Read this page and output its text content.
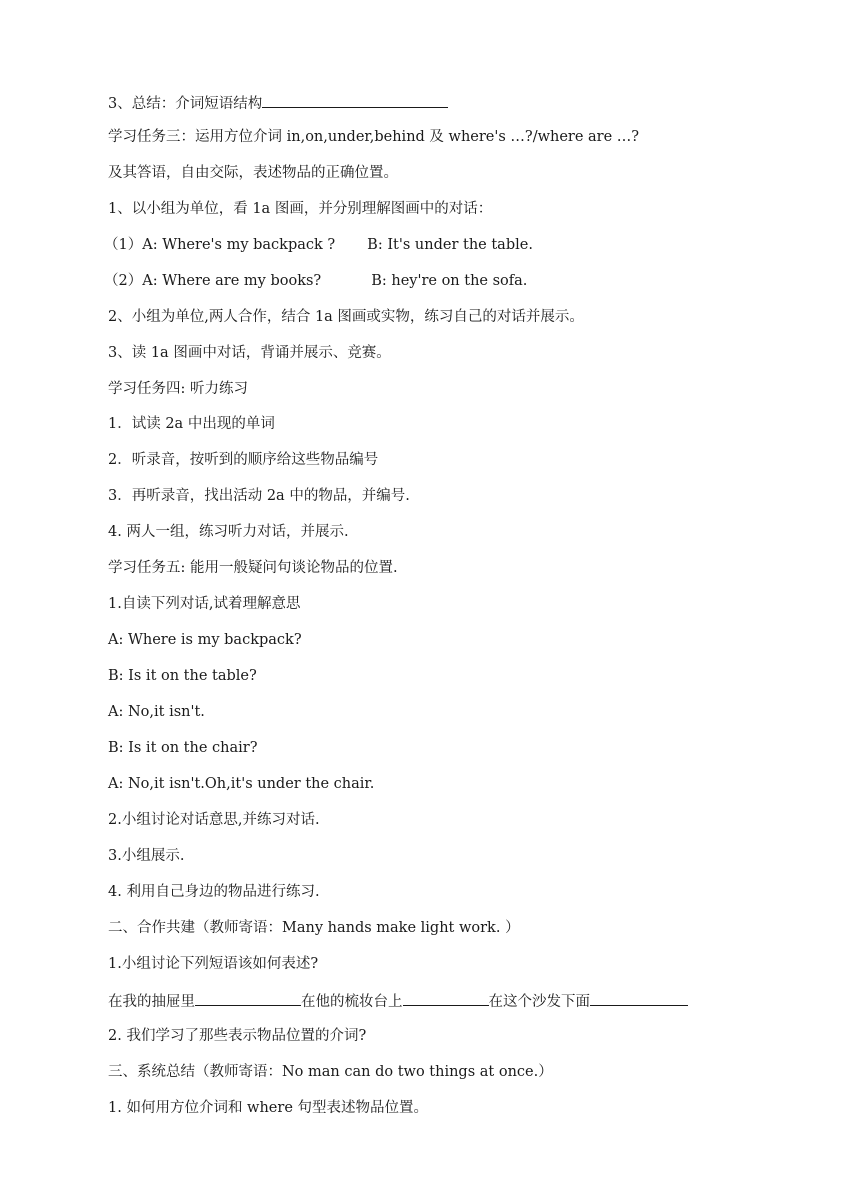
3、总结：介词短语结构
学习任务三：运用方位介词 in,on,under,behind 及 where's …?/where are …?
及其答语，自由交际，表述物品的正确位置。
1、以小组为单位，看 1a 图画，并分别理解图画中的对话：
（1）A: Where's my backpack ? B: It's under the table.
（2）A: Where are my books?	B: hey're on the sofa.
2、小组为单位,两人合作，结合 1a 图画或实物，练习自己的对话并展示。
3、读 1a 图画中对话，背诵并展示、竞赛。
学习任务四: 听力练习
1．试读 2a 中出现的单词
2．听录音，按听到的顺序给这些物品编号
3．再听录音，找出活动 2a 中的物品，并编号.
4. 两人一组，练习听力对话，并展示.
学习任务五: 能用一般疑问句谈论物品的位置.
1.自读下列对话,试着理解意思
A: Where is my backpack?
B: Is it on the table?
A: No,it isn't.
B: Is it on the chair?
A: No,it isn't.Oh,it's under the chair.
2.小组讨论对话意思,并练习对话.
3.小组展示.
4. 利用自己身边的物品进行练习.
二、合作共建（教师寄语：Many hands make light work. ）
1.小组讨论下列短语该如何表述?
在我的抽屉里	在他的梳妆台上	在这个沙发下面
2. 我们学习了那些表示物品位置的介词?
三、系统总结（教师寄语：No man can do two things at once.）
1. 如何用方位介词和 where 句型表述物品位置。
